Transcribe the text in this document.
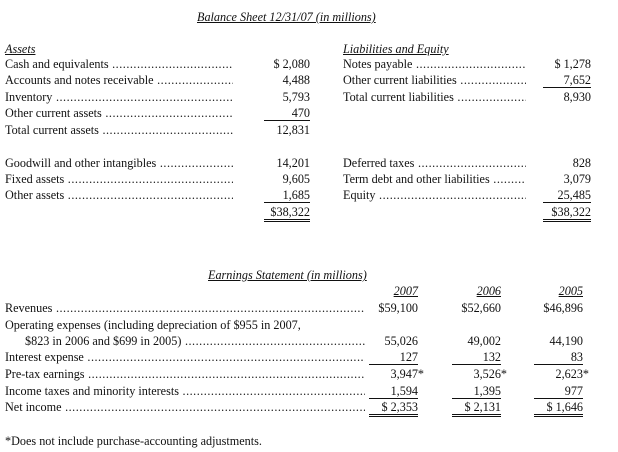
Balance Sheet 12/31/07 (in millions)
Assets	Liabilities and Equity
Cash and equivalents .....	$ 2,080
Accounts and notes receivable .....	4,488
Inventory .....	5,793
Other current assets .....	470
Total current assets .....	12,831
Goodwill and other intangibles .....	14,201
Fixed assets .....	9,605
Other assets .....	1,685
$38,322
Notes payable .....	$ 1,278
Other current liabilities .....	7,652
Total current liabilities .....	8,930
Deferred taxes .....	828
Term debt and other liabilities .....	3,079
Equity .....	25,485
$38,322
Earnings Statement (in millions)
2007	2006	2005
Revenues .....	$59,100	$52,660	$46,896
Operating expenses (including depreciation of $955 in 2007,
$823 in 2006 and $699 in 2005) .....	55,026	49,002	44,190
Interest expense .....	127	132	83
Pre-tax earnings .....	3,947*	3,526*	2,623*
Income taxes and minority interests .....	1,594	1,395	977
Net income .....	$ 2,353	$ 2,131	$ 1,646
*Does not include purchase-accounting adjustments.
